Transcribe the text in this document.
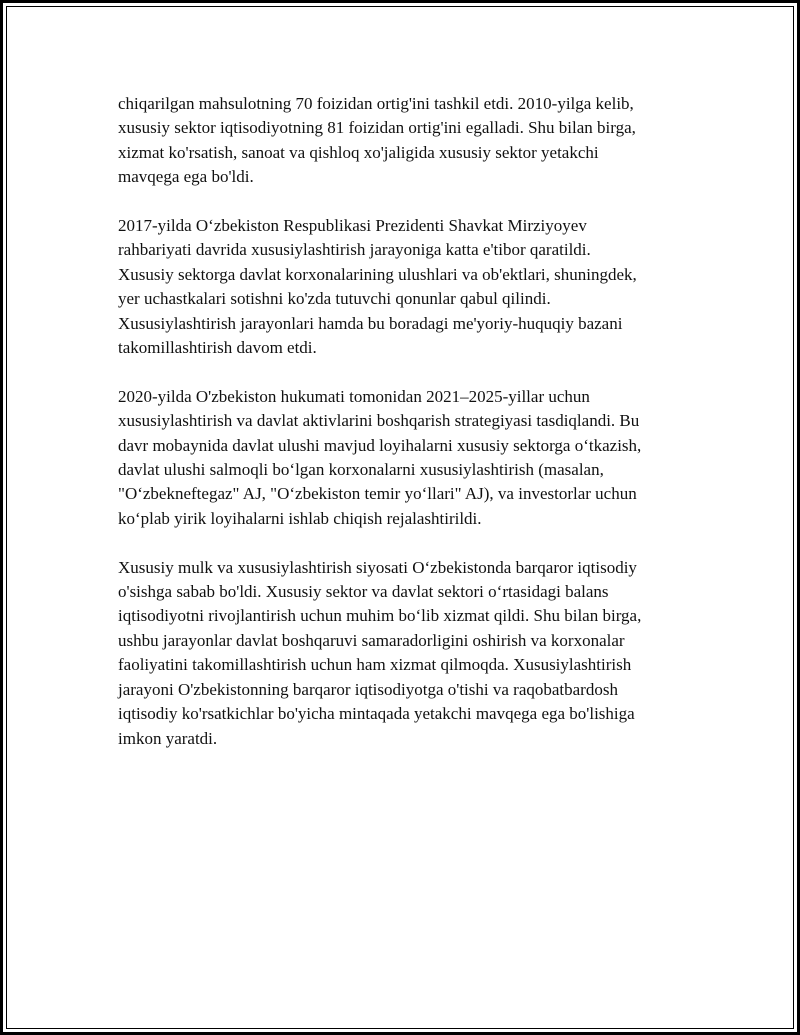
chiqarilgan mahsulotning 70 foizidan ortig'ini tashkil etdi. 2010-yilga kelib,
xususiy sektor iqtisodiyotning 81 foizidan ortig'ini egalladi. Shu bilan birga,
xizmat ko'rsatish, sanoat va qishloq xo'jaligida xususiy sektor yetakchi
mavqega ega bo'ldi.
2017-yilda O‘zbekiston Respublikasi Prezidenti Shavkat Mirziyoyev
rahbariyati davrida xususiylashtirish jarayoniga katta e'tibor qaratildi.
Xususiy sektorga davlat korxonalarining ulushlari va ob'ektlari, shuningdek,
yer uchastkalari sotishni ko'zda tutuvchi qonunlar qabul qilindi.
Xususiylashtirish jarayonlari hamda bu boradagi me'yoriy-huquqiy bazani
takomillashtirish davom etdi.
2020-yilda O'zbekiston hukumati tomonidan 2021–2025-yillar uchun
xususiylashtirish va davlat aktivlarini boshqarish strategiyasi tasdiqlandi. Bu
davr mobaynida davlat ulushi mavjud loyihalarni xususiy sektorga o‘tkazish,
davlat ulushi salmoqli bo‘lgan korxonalarni xususiylashtirish (masalan,
"O‘zbekneftegaz" AJ, "O‘zbekiston temir yo‘llari" AJ), va investorlar uchun
ko‘plab yirik loyihalarni ishlab chiqish rejalashtirildi.
Xususiy mulk va xususiylashtirish siyosati O‘zbekistonda barqaror iqtisodiy
o'sishga sabab bo'ldi. Xususiy sektor va davlat sektori o‘rtasidagi balans
iqtisodiyotni rivojlantirish uchun muhim bo‘lib xizmat qildi. Shu bilan birga,
ushbu jarayonlar davlat boshqaruvi samaradorligini oshirish va korxonalar
faoliyatini takomillashtirish uchun ham xizmat qilmoqda. Xususiylashtirish
jarayoni O'zbekistonning barqaror iqtisodiyotga o'tishi va raqobatbardosh
iqtisodiy ko'rsatkichlar bo'yicha mintaqada yetakchi mavqega ega bo'lishiga
imkon yaratdi.
